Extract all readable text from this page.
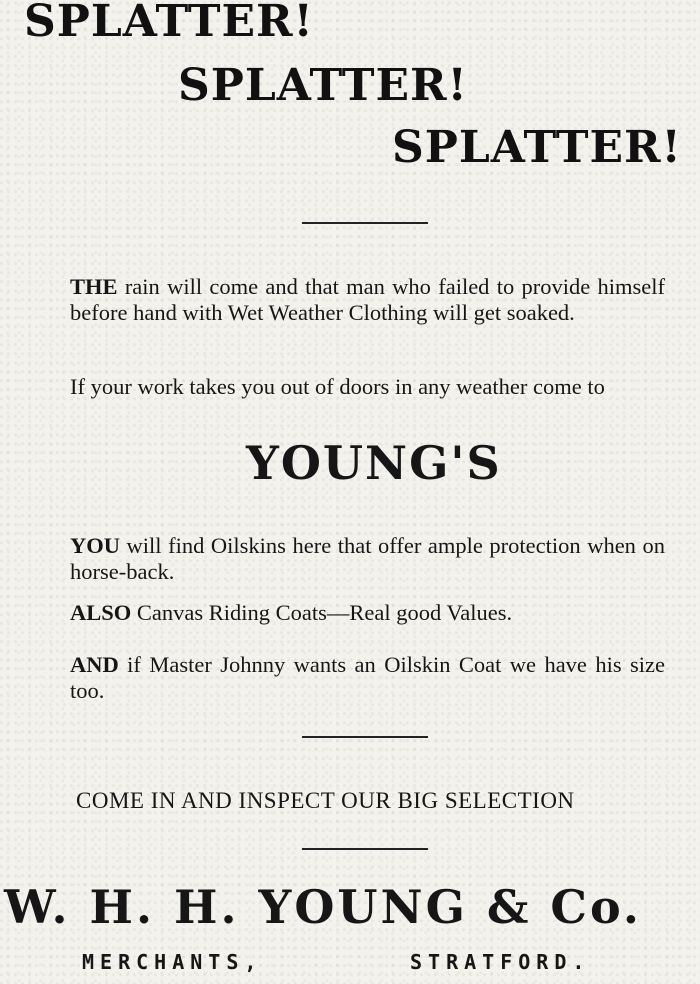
SPLATTER!
SPLATTER!
SPLATTER!
THE rain will come and that man who failed to provide himself before hand with Wet Weather Clothing will get soaked.
If your work takes you out of doors in any weather come to
YOUNG'S
YOU will find Oilskins here that offer ample protection when on horse-back.
ALSO Canvas Riding Coats—Real good Values.
AND if Master Johnny wants an Oilskin Coat we have his size too.
COME IN AND INSPECT OUR BIG SELECTION
W. H. H. YOUNG & Co.
MERCHANTS,	STRATFORD.
